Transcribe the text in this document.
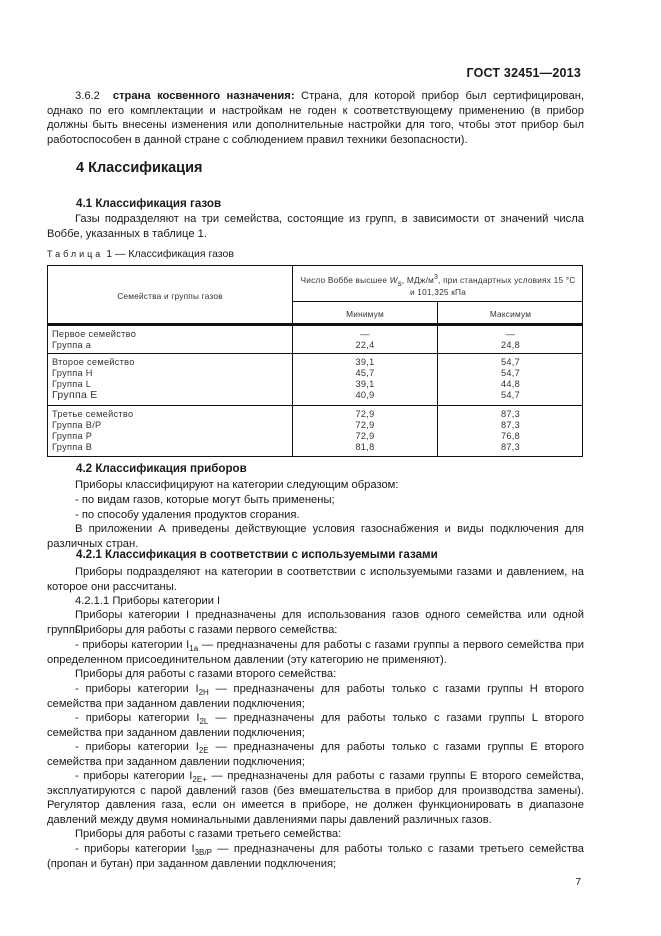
ГОСТ 32451—2013
3.6.2 страна косвенного назначения: Страна, для которой прибор был сертифицирован, однако по его комплектации и настройкам не годен к соответствующему применению (в прибор должны быть внесены изменения или дополнительные настройки для того, чтобы этот прибор был работоспособен в данной стране с соблюдением правил техники безопасности).
4 Классификация
4.1 Классификация газов
Газы подразделяют на три семейства, состоящие из групп, в зависимости от значений числа Воббе, указанных в таблице 1.
Таблица 1 — Классификация газов
Семейства и группы газов
Число Воббе высшее $W_s$, МДж/$м^3$, при стандартных условиях 15 °С
и 101,325 кПа
Минимум	Максимум
Первое семейство
Группа а
—
22,4
—
24,8
Второе семейство
Группа H
Группа L
Группа E
39,1
45,7
39,1
40,9
54,7
54,7
44,8
54,7
Третье семейство
Группа B/P
Группа P
Группа B
72,9
72,9
72,9
81,8
87,3
87,3
76,8
87,3
4.2 Классификация приборов
Приборы классифицируют на категории следующим образом:
- по видам газов, которые могут быть применены;
- по способу удаления продуктов сгорания.
В приложении А приведены действующие условия газоснабжения и виды подключения для различных стран.
4.2.1 Классификация в соответствии с используемыми газами
Приборы подразделяют на категории в соответствии с используемыми газами и давлением, на которое они рассчитаны.
4.2.1.1 Приборы категории I
Приборы категории I предназначены для использования газов одного семейства или одной группы.
Приборы для работы с газами первого семейства:
- приборы категории $I_{1a}$ — предназначены для работы с газами группы а первого семейства при определенном присоединительном давлении (эту категорию не применяют).
Приборы для работы с газами второго семейства:
- приборы категории $I_{2H}$ — предназначены для работы только с газами группы H второго семейства при заданном давлении подключения;
- приборы категории $I_{2L}$ — предназначены для работы только с газами группы L второго семейства при заданном давлении подключения;
- приборы категории $I_{2E}$ — предназначены для работы только с газами группы E второго семейства при заданном давлении подключения;
- приборы категории $I_{2E+}$ — предназначены для работы с газами группы E второго семейства, эксплуатируются с парой давлений газов (без вмешательства в прибор для производства замены). Регулятор давления газа, если он имеется в приборе, не должен функционировать в диапазоне давлений между двумя номинальными давлениями пары давлений различных газов.
Приборы для работы с газами третьего семейства:
- приборы категории $I_{3B/P}$ — предназначены для работы только с газами третьего семейства (пропан и бутан) при заданном давлении подключения;
7
